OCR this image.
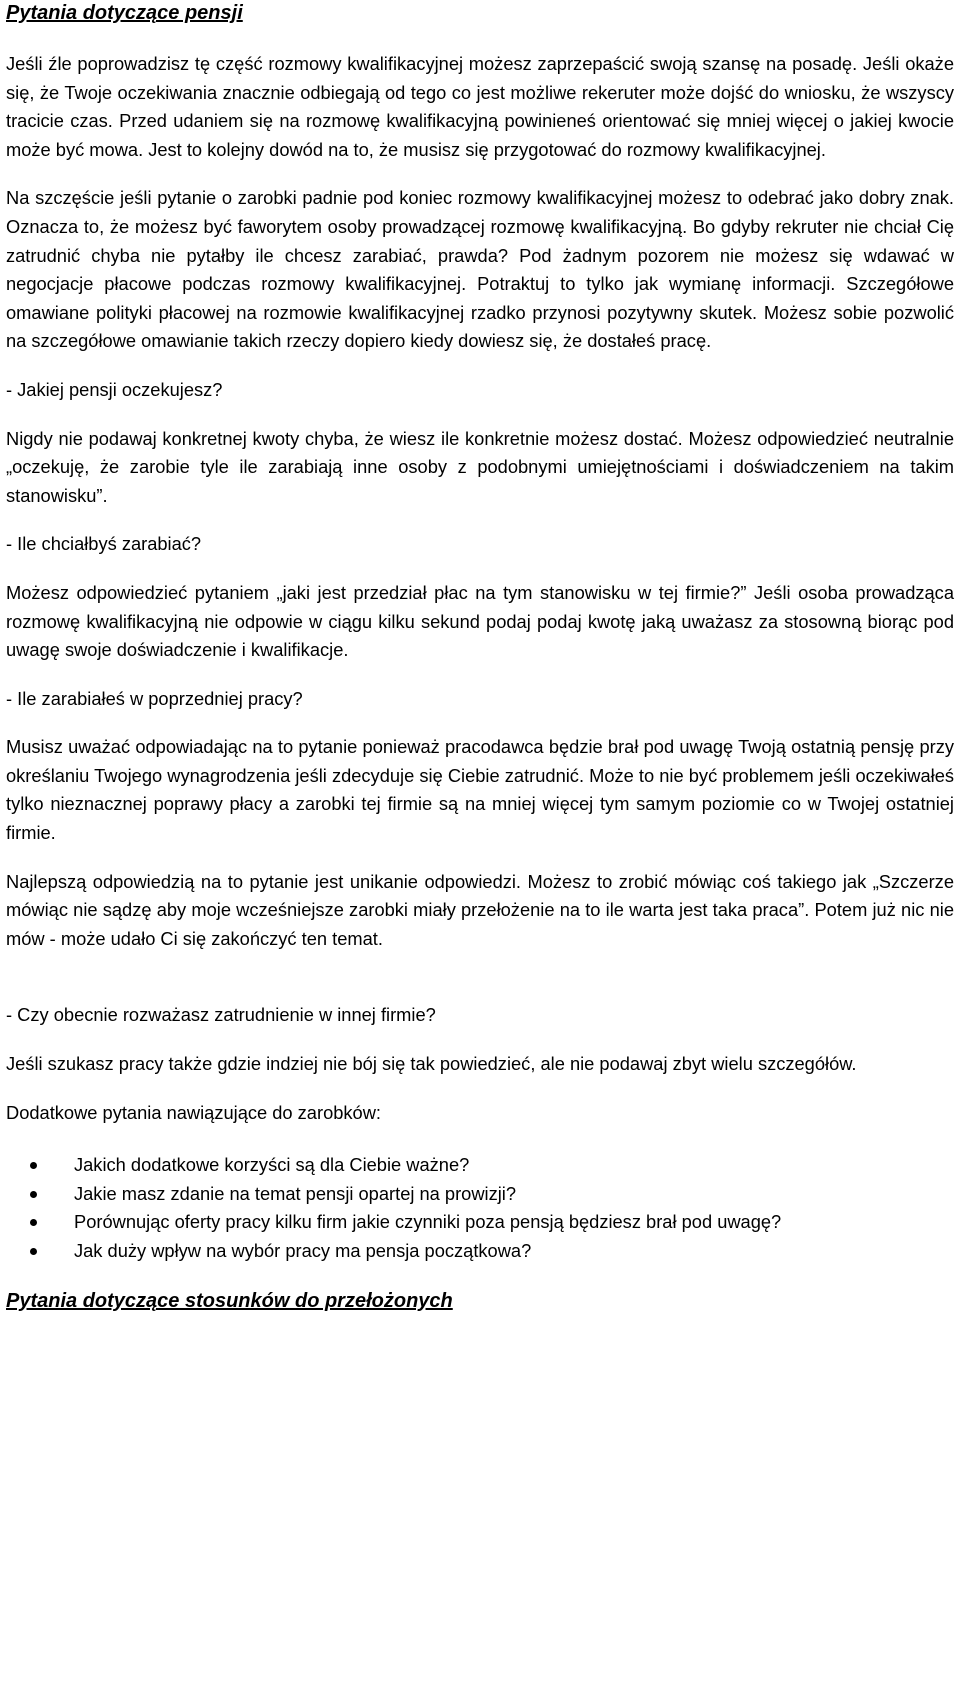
Pytania dotyczące pensji

Jeśli źle poprowadzisz tę część rozmowy kwalifikacyjnej możesz zaprzepaścić swoją szansę na posadę. Jeśli okaże się, że Twoje oczekiwania znacznie odbiegają od tego co jest możliwe rekeruter może dojść do wniosku, że wszyscy tracicie czas. Przed udaniem się na rozmowę kwalifikacyjną powinieneś orientować się mniej więcej o jakiej kwocie może być mowa. Jest to kolejny dowód na to, że musisz się przygotować do rozmowy kwalifikacyjnej.

Na szczęście jeśli pytanie o zarobki padnie pod koniec rozmowy kwalifikacyjnej możesz to odebrać jako dobry znak. Oznacza to, że możesz być faworytem osoby prowadzącej rozmowę kwalifikacyjną. Bo gdyby rekruter nie chciał Cię zatrudnić chyba nie pytałby ile chcesz zarabiać, prawda? Pod żadnym pozorem nie możesz się wdawać w negocjacje płacowe podczas rozmowy kwalifikacyjnej. Potraktuj to tylko jak wymianę informacji. Szczegółowe omawiane polityki płacowej na rozmowie kwalifikacyjnej rzadko przynosi pozytywny skutek. Możesz sobie pozwolić na szczegółowe omawianie takich rzeczy dopiero kiedy dowiesz się, że dostałeś pracę.

- Jakiej pensji oczekujesz?

Nigdy nie podawaj konkretnej kwoty chyba, że wiesz ile konkretnie możesz dostać. Możesz odpowiedzieć neutralnie „oczekuję, że zarobie tyle ile zarabiają inne osoby z podobnymi umiejętnościami i doświadczeniem na takim stanowisku”.

- Ile chciałbyś zarabiać?

Możesz odpowiedzieć pytaniem „jaki jest przedział płac na tym stanowisku w tej firmie?” Jeśli osoba prowadząca rozmowę kwalifikacyjną nie odpowie w ciągu kilku sekund podaj podaj kwotę jaką uważasz za stosowną biorąc pod uwagę swoje doświadczenie i kwalifikacje.

- Ile zarabiałeś w poprzedniej pracy?

Musisz uważać odpowiadając na to pytanie ponieważ pracodawca będzie brał pod uwagę Twoją ostatnią pensję przy określaniu Twojego wynagrodzenia jeśli zdecyduje się Ciebie zatrudnić. Może to nie być problemem jeśli oczekiwałeś tylko nieznacznej poprawy płacy a zarobki tej firmie są na mniej więcej tym samym poziomie co w Twojej ostatniej firmie.

Najlepszą odpowiedzią na to pytanie jest unikanie odpowiedzi. Możesz to zrobić mówiąc coś takiego jak „Szczerze mówiąc nie sądzę aby moje wcześniejsze zarobki miały przełożenie na to ile warta jest taka praca”. Potem już nic nie mów - może udało Ci się zakończyć ten temat.

- Czy obecnie rozważasz zatrudnienie w innej firmie?

Jeśli szukasz pracy także gdzie indziej nie bój się tak powiedzieć, ale nie podawaj zbyt wielu szczegółów.

Dodatkowe pytania nawiązujące do zarobków:

Jakich dodatkowe korzyści są dla Ciebie ważne?
Jakie masz zdanie na temat pensji opartej na prowizji?
Porównując oferty pracy kilku firm jakie czynniki poza pensją będziesz brał pod uwagę?
Jak duży wpływ na wybór pracy ma pensja początkowa?

Pytania dotyczące stosunków do przełożonych
